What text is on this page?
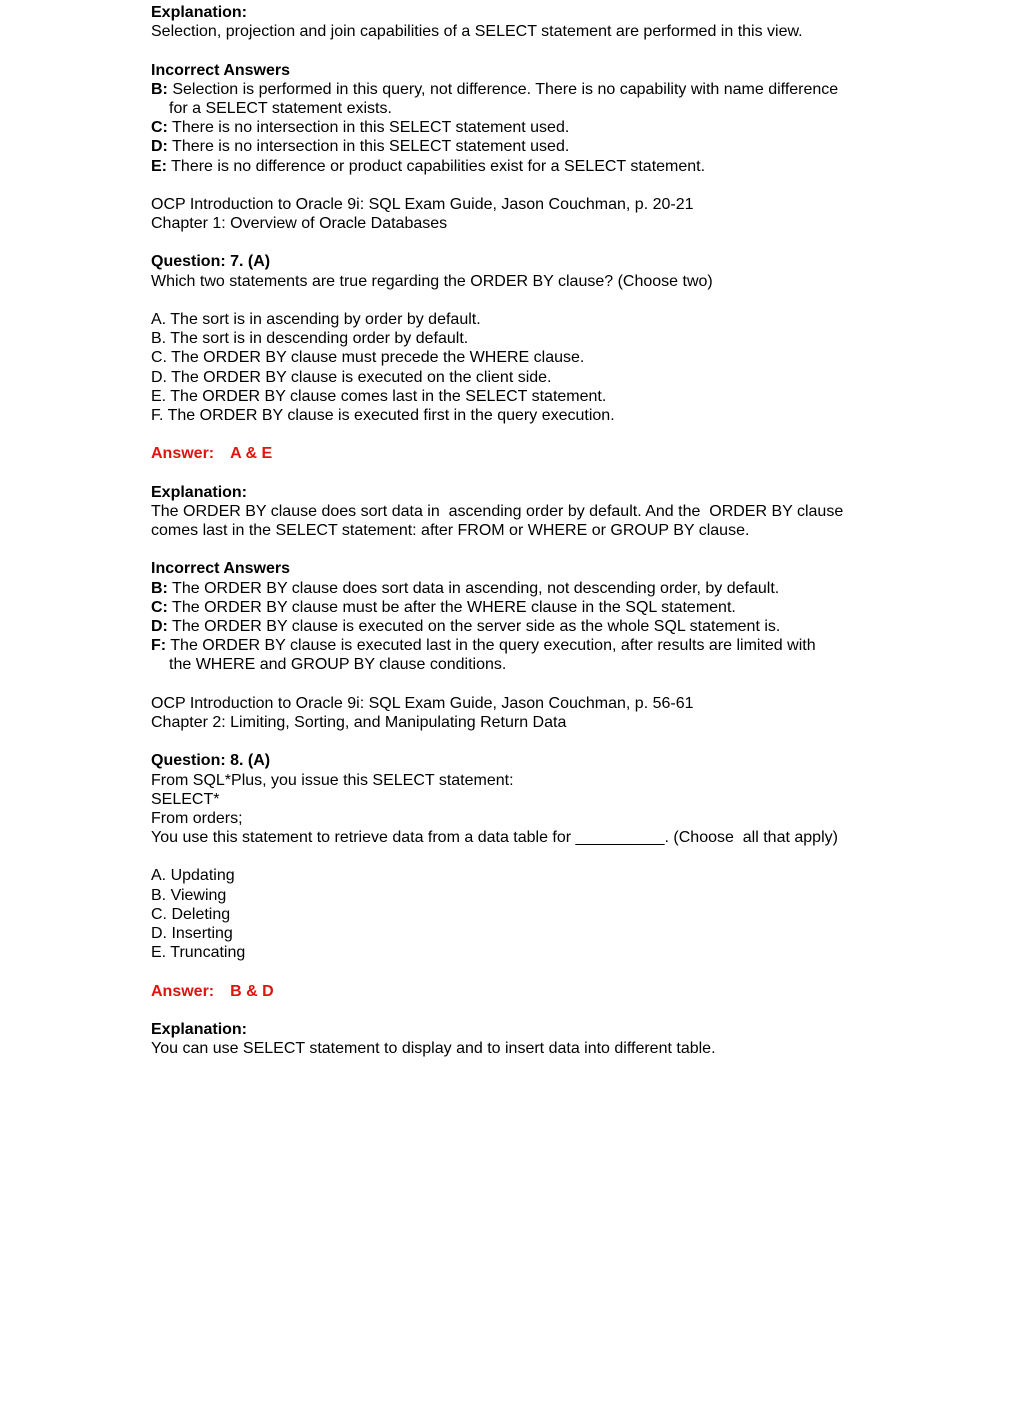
Explanation:
Selection, projection and join capabilities of a SELECT statement are performed in this view.
Incorrect Answers
B: Selection is performed in this query, not difference. There is no capability with name difference
for a SELECT statement exists.
C: There is no intersection in this SELECT statement used.
D: There is no intersection in this SELECT statement used.
E: There is no difference or product capabilities exist for a SELECT statement.
OCP Introduction to Oracle 9i: SQL Exam Guide, Jason Couchman, p. 20-21
Chapter 1: Overview of Oracle Databases
Question: 7. (A)
Which two statements are true regarding the ORDER BY clause? (Choose two)
A. The sort is in ascending by order by default.
B. The sort is in descending order by default.
C. The ORDER BY clause must precede the WHERE clause.
D. The ORDER BY clause is executed on the client side.
E. The ORDER BY clause comes last in the SELECT statement.
F. The ORDER BY clause is executed first in the query execution.
Answer: A & E
Explanation:
The ORDER BY clause does sort data in  ascending order by default. And the  ORDER BY clause
comes last in the SELECT statement: after FROM or WHERE or GROUP BY clause.
Incorrect Answers
B: The ORDER BY clause does sort data in ascending, not descending order, by default.
C: The ORDER BY clause must be after the WHERE clause in the SQL statement.
D: The ORDER BY clause is executed on the server side as the whole SQL statement is.
F: The ORDER BY clause is executed last in the query execution, after results are limited with
the WHERE and GROUP BY clause conditions.
OCP Introduction to Oracle 9i: SQL Exam Guide, Jason Couchman, p. 56-61
Chapter 2: Limiting, Sorting, and Manipulating Return Data
Question: 8. (A)
From SQL*Plus, you issue this SELECT statement:
SELECT*
From orders;
You use this statement to retrieve data from a data table for __________. (Choose  all that apply)
A. Updating
B. Viewing
C. Deleting
D. Inserting
E. Truncating
Answer: B & D
Explanation:
You can use SELECT statement to display and to insert data into different table.
